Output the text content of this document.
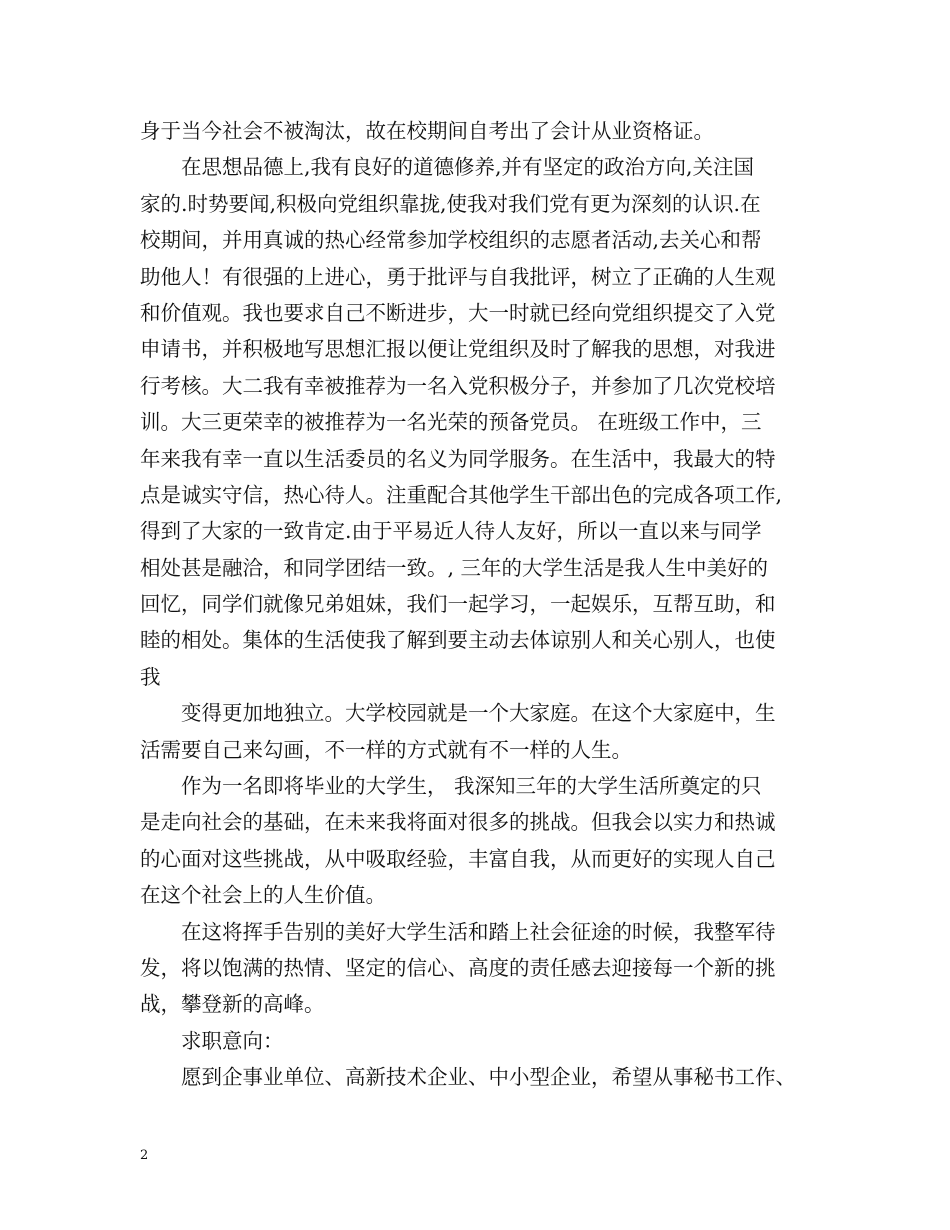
身于当今社会不被淘汰，故在校期间自考出了会计从业资格证。

在思想品德上,我有良好的道德修养,并有坚定的政治方向,关注国

家的.时势要闻,积极向党组织靠拢,使我对我们党有更为深刻的认识.在

校期间，并用真诚的热心经常参加学校组织的志愿者活动,去关心和帮

助他人！有很强的上进心，勇于批评与自我批评，树立了正确的人生观

和价值观。我也要求自己不断进步，大一时就已经向党组织提交了入党

申请书，并积极地写思想汇报以便让党组织及时了解我的思想，对我进

行考核。大二我有幸被推荐为一名入党积极分子，并参加了几次党校培

训。大三更荣幸的被推荐为一名光荣的预备党员。 在班级工作中，三

年来我有幸一直以生活委员的名义为同学服务。在生活中，我最大的特

点是诚实守信，热心待人。注重配合其他学生干部出色的完成各项工作,

得到了大家的一致肯定.由于平易近人待人友好，所以一直以来与同学

相处甚是融洽，和同学团结一致。, 三年的大学生活是我人生中美好的

回忆，同学们就像兄弟姐妹，我们一起学习，一起娱乐，互帮互助，和

睦的相处。集体的生活使我了解到要主动去体谅别人和关心别人，也使

我

变得更加地独立。大学校园就是一个大家庭。在这个大家庭中，生

活需要自己来勾画，不一样的方式就有不一样的人生。

作为一名即将毕业的大学生， 我深知三年的大学生活所奠定的只

是走向社会的基础，在未来我将面对很多的挑战。但我会以实力和热诚

的心面对这些挑战，从中吸取经验，丰富自我，从而更好的实现人自己

在这个社会上的人生价值。

在这将挥手告别的美好大学生活和踏上社会征途的时候，我整军待

发，将以饱满的热情、坚定的信心、高度的责任感去迎接每一个新的挑

战，攀登新的高峰。

求职意向：

愿到企事业单位、高新技术企业、中小型企业，希望从事秘书工作、

2
